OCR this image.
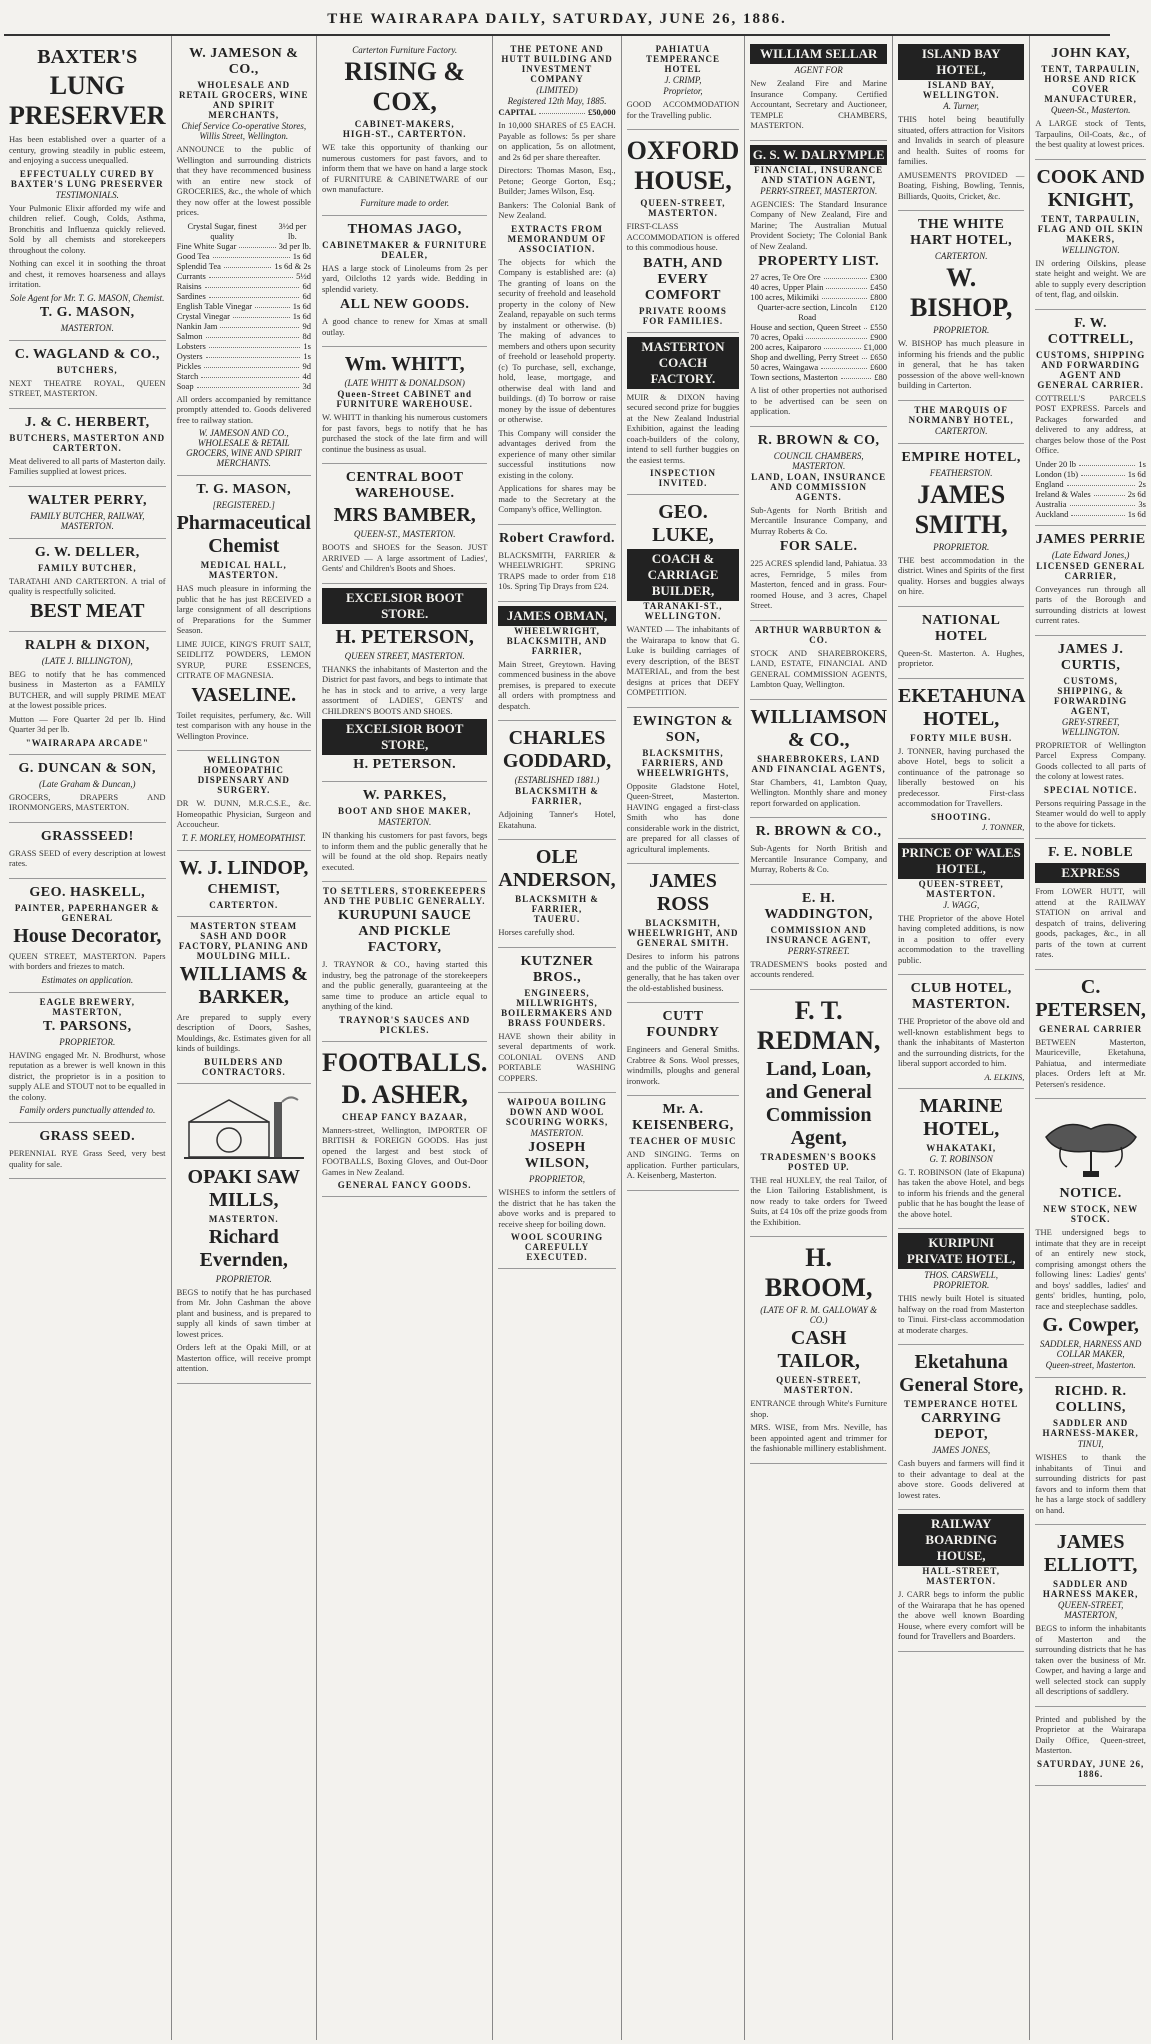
THE WAIRARAPA DAILY, SATURDAY, JUNE 26, 1886.
BAXTER'S
LUNG PRESERVER

Has been established over a quarter of a century, growing steadily in public esteem, and enjoying a success unequalled.

EFFECTUALLY CURED BY BAXTER'S LUNG PRESERVER
TESTIMONIALS.

Your Pulmonic Elixir afforded my wife and children relief. Cough, Colds, Asthma, Bronchitis and Influenza quickly relieved. Sold by all chemists and storekeepers throughout the colony.

Nothing can excel it in soothing the throat and chest, it removes hoarseness and allays irritation.

Sole Agent for Mr. T. G. MASON, Chemist.
T. G. MASON,
MASTERTON.
C. WAGLAND & CO.,
BUTCHERS,

NEXT THEATRE ROYAL, QUEEN STREET, MASTERTON.

J. & C. HERBERT,
BUTCHERS, MASTERTON AND CARTERTON.

Meat delivered to all parts of Masterton daily. Families supplied at lowest prices.

WALTER PERRY,
FAMILY BUTCHER, RAILWAY, MASTERTON.
G. W. DELLER,
FAMILY BUTCHER,

TARATAHI AND CARTERTON. A trial of quality is respectfully solicited.

BEST MEAT
RALPH & DIXON,
(LATE J. BILLINGTON),

BEG to notify that he has commenced business in Masterton as a FAMILY BUTCHER, and will supply PRIME MEAT at the lowest possible prices.

Mutton — Fore Quarter 2d per lb. Hind Quarter 3d per lb.

"WAIRARAPA ARCADE"
G. DUNCAN & SON,
(Late Graham & Duncan,)

GROCERS, DRAPERS AND IRONMONGERS, MASTERTON.

GRASSSEED!

GRASS SEED of every description at lowest rates.

GEO. HASKELL,
PAINTER, PAPERHANGER & GENERAL
House Decorator,

QUEEN STREET, MASTERTON. Papers with borders and friezes to match.

Estimates on application.
EAGLE BREWERY, MASTERTON,
T. PARSONS,
PROPRIETOR.

HAVING engaged Mr. N. Brodhurst, whose reputation as a brewer is well known in this district, the proprietor is in a position to supply ALE and STOUT not to be equalled in the colony.

Family orders punctually attended to.
GRASS SEED.

PERENNIAL RYE Grass Seed, very best quality for sale.

W. JAMESON & CO.,
WHOLESALE AND RETAIL GROCERS, WINE AND SPIRIT MERCHANTS,
Chief Service Co-operative Stores, Willis Street, Wellington.

ANNOUNCE to the public of Wellington and surrounding districts that they have recommenced business with an entire new stock of GROCERIES, &c., the whole of which they now offer at the lowest possible prices.

Crystal Sugar, finest quality
3½d per lb.
Fine White Sugar	3d per lb.
Good Tea	1s 6d
Splendid Tea	1s 6d & 2s
Currants	5½d
Raisins	6d
Sardines	6d
English Table Vinegar	1s 6d
Crystal Vinegar	1s 6d
Nankin Jam	9d
Salmon	8d
Lobsters	1s
Oysters	1s
Pickles	9d
Starch	4d
Soap	3d

All orders accompanied by remittance promptly attended to. Goods delivered free to railway station.

W. JAMESON AND CO., WHOLESALE & RETAIL GROCERS, WINE AND SPIRIT MERCHANTS.
T. G. MASON,
[REGISTERED.]
Pharmaceutical Chemist
MEDICAL HALL, MASTERTON.

HAS much pleasure in informing the public that he has just RECEIVED a large consignment of all descriptions of Preparations for the Summer Season.

LIME JUICE, KING'S FRUIT SALT, SEIDLITZ POWDERS, LEMON SYRUP, PURE ESSENCES, CITRATE OF MAGNESIA.

VASELINE.

Toilet requisites, perfumery, &c. Will test comparison with any house in the Wellington Province.

WELLINGTON HOMEOPATHIC DISPENSARY AND SURGERY.

DR W. DUNN, M.R.C.S.E., &c. Homeopathic Physician, Surgeon and Accoucheur.

T. F. MORLEY, HOMEOPATHIST.
W. J. LINDOP,
CHEMIST,
CARTERTON.
MASTERTON STEAM SASH AND DOOR FACTORY, PLANING AND MOULDING MILL.
WILLIAMS & BARKER,

Are prepared to supply every description of Doors, Sashes, Mouldings, &c. Estimates given for all kinds of buildings.

BUILDERS AND CONTRACTORS.
OPAKI SAW MILLS,
MASTERTON.
Richard Evernden,
PROPRIETOR.

BEGS to notify that he has purchased from Mr. John Cashman the above plant and business, and is prepared to supply all kinds of sawn timber at lowest prices.

Orders left at the Opaki Mill, or at Masterton office, will receive prompt attention.

Carterton Furniture Factory.
RISING & COX,
CABINET-MAKERS,
HIGH-ST., CARTERTON.

WE take this opportunity of thanking our numerous customers for past favors, and to inform them that we have on hand a large stock of FURNITURE & CABINETWARE of our own manufacture.

Furniture made to order.
THOMAS JAGO,
CABINETMAKER & FURNITURE DEALER,

HAS a large stock of Linoleums from 2s per yard, Oilcloths 12 yards wide. Bedding in splendid variety.

ALL NEW GOODS.

A good chance to renew for Xmas at small outlay.

Wm. WHITT,
(LATE WHITT & DONALDSON)
Queen-Street CABINET and FURNITURE WAREHOUSE.

W. WHITT in thanking his numerous customers for past favors, begs to notify that he has purchased the stock of the late firm and will continue the business as usual.

CENTRAL BOOT WAREHOUSE.
MRS BAMBER,
QUEEN-ST., MASTERTON.

BOOTS and SHOES for the Season. JUST ARRIVED — A large assortment of Ladies', Gents' and Children's Boots and Shoes.

EXCELSIOR BOOT STORE.
H. PETERSON,
QUEEN STREET, MASTERTON.

THANKS the inhabitants of Masterton and the District for past favors, and begs to intimate that he has in stock and to arrive, a very large assortment of LADIES', GENTS' and CHILDREN'S BOOTS AND SHOES.

EXCELSIOR BOOT STORE,
H. PETERSON.
W. PARKES,
BOOT AND SHOE MAKER,
MASTERTON.

IN thanking his customers for past favors, begs to inform them and the public generally that he will be found at the old shop. Repairs neatly executed.

TO SETTLERS, STOREKEEPERS AND THE PUBLIC GENERALLY.
KURUPUNI SAUCE AND PICKLE FACTORY,

J. TRAYNOR & CO., having started this industry, beg the patronage of the storekeepers and the public generally, guaranteeing at the same time to produce an article equal to anything of the kind.

TRAYNOR'S SAUCES AND PICKLES.
FOOTBALLS.
D. ASHER,
CHEAP FANCY BAZAAR,

Manners-street, Wellington, IMPORTER OF BRITISH & FOREIGN GOODS. Has just opened the largest and best stock of FOOTBALLS, Boxing Gloves, and Out-Door Games in New Zealand.

GENERAL FANCY GOODS.
THE PETONE AND HUTT BUILDING AND INVESTMENT COMPANY
(LIMITED)
Registered 12th May, 1885.
CAPITAL	£50,000

In 10,000 SHARES of £5 EACH. Payable as follows: 5s per share on application, 5s on allotment, and 2s 6d per share thereafter.

Directors: Thomas Mason, Esq., Petone; George Gorton, Esq.; Builder; James Wilson, Esq.

Bankers: The Colonial Bank of New Zealand.

EXTRACTS FROM MEMORANDUM OF ASSOCIATION.

The objects for which the Company is established are: (a) The granting of loans on the security of freehold and leasehold property in the colony of New Zealand, repayable on such terms by instalment or otherwise. (b) The making of advances to members and others upon security of freehold or leasehold property. (c) To purchase, sell, exchange, hold, lease, mortgage, and otherwise deal with land and buildings. (d) To borrow or raise money by the issue of debentures or otherwise.

This Company will consider the advantages derived from the experience of many other similar successful institutions now existing in the colony.

Applications for shares may be made to the Secretary at the Company's office, Wellington.

Robert Crawford.

BLACKSMITH, FARRIER & WHEELWRIGHT. SPRING TRAPS made to order from £18 10s. Spring Tip Drays from £24.

JAMES OBMAN,
WHEELWRIGHT, BLACKSMITH, AND FARRIER,

Main Street, Greytown. Having commenced business in the above premises, is prepared to execute all orders with promptness and despatch.

CHARLES GODDARD,
(ESTABLISHED 1881.)
BLACKSMITH & FARRIER,

Adjoining Tanner's Hotel, Ekatahuna.

OLE ANDERSON,
BLACKSMITH & FARRIER,
TAUERU.

Horses carefully shod.

KUTZNER BROS.,
ENGINEERS, MILLWRIGHTS, BOILERMAKERS AND BRASS FOUNDERS.

HAVE shown their ability in several departments of work. COLONIAL OVENS AND PORTABLE WASHING COPPERS.

WAIPOUA BOILING DOWN AND WOOL SCOURING WORKS,
MASTERTON.
JOSEPH WILSON,
PROPRIETOR,

WISHES to inform the settlers of the district that he has taken the above works and is prepared to receive sheep for boiling down.

WOOL SCOURING CAREFULLY EXECUTED.
PAHIATUA TEMPERANCE HOTEL
J. CRIMP,
Proprietor,

GOOD ACCOMMODATION for the Travelling public.

OXFORD HOUSE,
QUEEN-STREET, MASTERTON.

FIRST-CLASS ACCOMMODATION is offered to this commodious house.

BATH, AND EVERY COMFORT
PRIVATE ROOMS FOR FAMILIES.
MASTERTON COACH FACTORY.

MUIR & DIXON having secured second prize for buggies at the New Zealand Industrial Exhibition, against the leading coach-builders of the colony, intend to sell further buggies on the easiest terms.

INSPECTION INVITED.
GEO. LUKE,
COACH & CARRIAGE BUILDER,
TARANAKI-ST., WELLINGTON.

WANTED — The inhabitants of the Wairarapa to know that G. Luke is building carriages of every description, of the BEST MATERIAL, and from the best designs at prices that DEFY COMPETITION.

EWINGTON & SON,
BLACKSMITHS, FARRIERS, AND WHEELWRIGHTS,

Opposite Gladstone Hotel, Queen-Street, Masterton. HAVING engaged a first-class Smith who has done considerable work in the district, are prepared for all classes of agricultural implements.

JAMES ROSS
BLACKSMITH, WHEELWRIGHT, AND GENERAL SMITH.

Desires to inform his patrons and the public of the Wairarapa generally, that he has taken over the old-established business.

CUTT FOUNDRY

Engineers and General Smiths. Crabtree & Sons. Wool presses, windmills, ploughs and general ironwork.

Mr. A. KEISENBERG,
TEACHER OF MUSIC

AND SINGING. Terms on application. Further particulars, A. Keisenberg, Masterton.

WILLIAM SELLAR
AGENT FOR

New Zealand Fire and Marine Insurance Company. Certified Accountant, Secretary and Auctioneer, TEMPLE CHAMBERS, MASTERTON.

G. S. W. DALRYMPLE
FINANCIAL, INSURANCE AND STATION AGENT,
PERRY-STREET, MASTERTON.

AGENCIES: The Standard Insurance Company of New Zealand, Fire and Marine; The Australian Mutual Provident Society; The Colonial Bank of New Zealand.

PROPERTY LIST.
27 acres, Te Ore Ore	£300
40 acres, Upper Plain	£450
100 acres, Mikimiki	£800
Quarter-acre section, Lincoln Road
£120
House and section, Queen Street £550
70 acres, Opaki	£900
200 acres, Kaiparoro	£1,000
Shop and dwelling, Perry Street £650
50 acres, Waingawa	£600
Town sections, Masterton	£80

A list of other properties not authorised to be advertised can be seen on application.

R. BROWN & CO,
COUNCIL CHAMBERS, MASTERTON.
LAND, LOAN, INSURANCE AND COMMISSION AGENTS.

Sub-Agents for North British and Mercantile Insurance Company, and Murray Roberts & Co.

FOR SALE.

225 ACRES splendid land, Pahiatua. 33 acres, Fernridge, 5 miles from Masterton, fenced and in grass. Four-roomed House, and 3 acres, Chapel Street.

ARTHUR WARBURTON & CO.

STOCK AND SHAREBROKERS, LAND, ESTATE, FINANCIAL AND GENERAL COMMISSION AGENTS, Lambton Quay, Wellington.

WILLIAMSON & CO.,
SHAREBROKERS, LAND AND FINANCIAL AGENTS,

Star Chambers, 41, Lambton Quay, Wellington. Monthly share and money report forwarded on application.

R. BROWN & CO.,

Sub-Agents for North British and Mercantile Insurance Company, and Murray, Roberts & Co.

E. H. WADDINGTON,
COMMISSION AND INSURANCE AGENT,
PERRY-STREET.

TRADESMEN'S books posted and accounts rendered.

F. T. REDMAN,
Land, Loan, and General Commission Agent,
TRADESMEN'S BOOKS POSTED UP.

THE real HUXLEY, the real Tailor, of the Lion Tailoring Establishment, is now ready to take orders for Tweed Suits, at £4 10s off the prize goods from the Exhibition.

H. BROOM,
(LATE OF R. M. GALLOWAY & CO.)
CASH TAILOR,
QUEEN-STREET, MASTERTON.

ENTRANCE through White's Furniture shop.

MRS. WISE, from Mrs. Neville, has been appointed agent and trimmer for the fashionable millinery establishment.

ISLAND BAY HOTEL,
ISLAND BAY, WELLINGTON.
A. Turner,

THIS hotel being beautifully situated, offers attraction for Visitors and Invalids in search of pleasure and health. Suites of rooms for families.

AMUSEMENTS PROVIDED — Boating, Fishing, Bowling, Tennis, Billiards, Quoits, Cricket, &c.

THE WHITE HART HOTEL,
CARTERTON.
W. BISHOP,
PROPRIETOR.

W. BISHOP has much pleasure in informing his friends and the public in general, that he has taken possession of the above well-known building in Carterton.

THE MARQUIS OF NORMANBY HOTEL,
CARTERTON.
EMPIRE HOTEL,
FEATHERSTON.
JAMES SMITH,
PROPRIETOR.

THE best accommodation in the district. Wines and Spirits of the first quality. Horses and buggies always on hire.

NATIONAL HOTEL

Queen-St. Masterton. A. Hughes, proprietor.

EKETAHUNA HOTEL,
FORTY MILE BUSH.

J. TONNER, having purchased the above Hotel, begs to solicit a continuance of the patronage so liberally bestowed on his predecessor. First-class accommodation for Travellers.

SHOOTING.
J. TONNER,
PRINCE OF WALES HOTEL,
QUEEN-STREET, MASTERTON.
J. WAGG,

THE Proprietor of the above Hotel having completed additions, is now in a position to offer every accommodation to the travelling public.

CLUB HOTEL, MASTERTON.

THE Proprietor of the above old and well-known establishment begs to thank the inhabitants of Masterton and the surrounding districts, for the liberal support accorded to him.

A. ELKINS,
MARINE HOTEL,
WHAKATAKI,
G. T. ROBINSON

G. T. ROBINSON (late of Ekapuna) has taken the above Hotel, and begs to inform his friends and the general public that he has bought the lease of the above hotel.

KURIPUNI PRIVATE HOTEL,
THOS. CARSWELL, PROPRIETOR.

THIS newly built Hotel is situated halfway on the road from Masterton to Tinui. First-class accommodation at moderate charges.

Eketahuna General Store,
TEMPERANCE HOTEL
CARRYING DEPOT,
JAMES JONES,

Cash buyers and farmers will find it to their advantage to deal at the above store. Goods delivered at lowest rates.

RAILWAY BOARDING HOUSE,
HALL-STREET, MASTERTON.

J. CARR begs to inform the public of the Wairarapa that he has opened the above well known Boarding House, where every comfort will be found for Travellers and Boarders.

JOHN KAY,
TENT, TARPAULIN, HORSE AND RICK COVER MANUFACTURER,
Queen-St., Masterton.

A LARGE stock of Tents, Tarpaulins, Oil-Coats, &c., of the best quality at lowest prices.

COOK AND KNIGHT,
TENT, TARPAULIN, FLAG AND OIL SKIN MAKERS,
WELLINGTON.

IN ordering Oilskins, please state height and weight. We are able to supply every description of tent, flag, and oilskin.

F. W. COTTRELL,
CUSTOMS, SHIPPING AND FORWARDING AGENT AND GENERAL CARRIER.

COTTRELL'S PARCELS POST EXPRESS. Parcels and Packages forwarded and delivered to any address, at charges below those of the Post Office.

Under 20 lb	1s
London (1b)	1s 6d
England	2s
Ireland & Wales	2s 6d
Australia	3s
Auckland	1s 6d
JAMES PERRIE
(Late Edward Jones,)
LICENSED GENERAL CARRIER,

Conveyances run through all parts of the Borough and surrounding districts at lowest current rates.

JAMES J. CURTIS,
CUSTOMS, SHIPPING, & FORWARDING AGENT,
GREY-STREET, WELLINGTON.

PROPRIETOR of Wellington Parcel Express Company. Goods collected to all parts of the colony at lowest rates.

SPECIAL NOTICE.

Persons requiring Passage in the Steamer would do well to apply to the above for tickets.

F. E. NOBLE
EXPRESS

From LOWER HUTT, will attend at the RAILWAY STATION on arrival and despatch of trains, delivering goods, packages, &c., in all parts of the town at current rates.

C. PETERSEN,
GENERAL CARRIER

BETWEEN Masterton, Mauriceville, Eketahuna, Pahiatua, and intermediate places. Orders left at Mr. Petersen's residence.

NOTICE.
NEW STOCK, NEW STOCK.

THE undersigned begs to intimate that they are in receipt of an entirely new stock, comprising amongst others the following lines: Ladies' gents' and boys' saddles, ladies' and gents' bridles, hunting, polo, race and steeplechase saddles.

G. Cowper,
SADDLER, HARNESS AND COLLAR MAKER,
Queen-street, Masterton.
RICHD. R. COLLINS,
SADDLER AND HARNESS-MAKER,
TINUI,

WISHES to thank the inhabitants of Tinui and surrounding districts for past favors and to inform them that he has a large stock of saddlery on hand.

JAMES ELLIOTT,
SADDLER AND HARNESS MAKER,
QUEEN-STREET, MASTERTON,

BEGS to inform the inhabitants of Masterton and the surrounding districts that he has taken over the business of Mr. Cowper, and having a large and well selected stock can supply all descriptions of saddlery.

Printed and published by the Proprietor at the Wairarapa Daily Office, Queen-street, Masterton.

SATURDAY, JUNE 26, 1886.
